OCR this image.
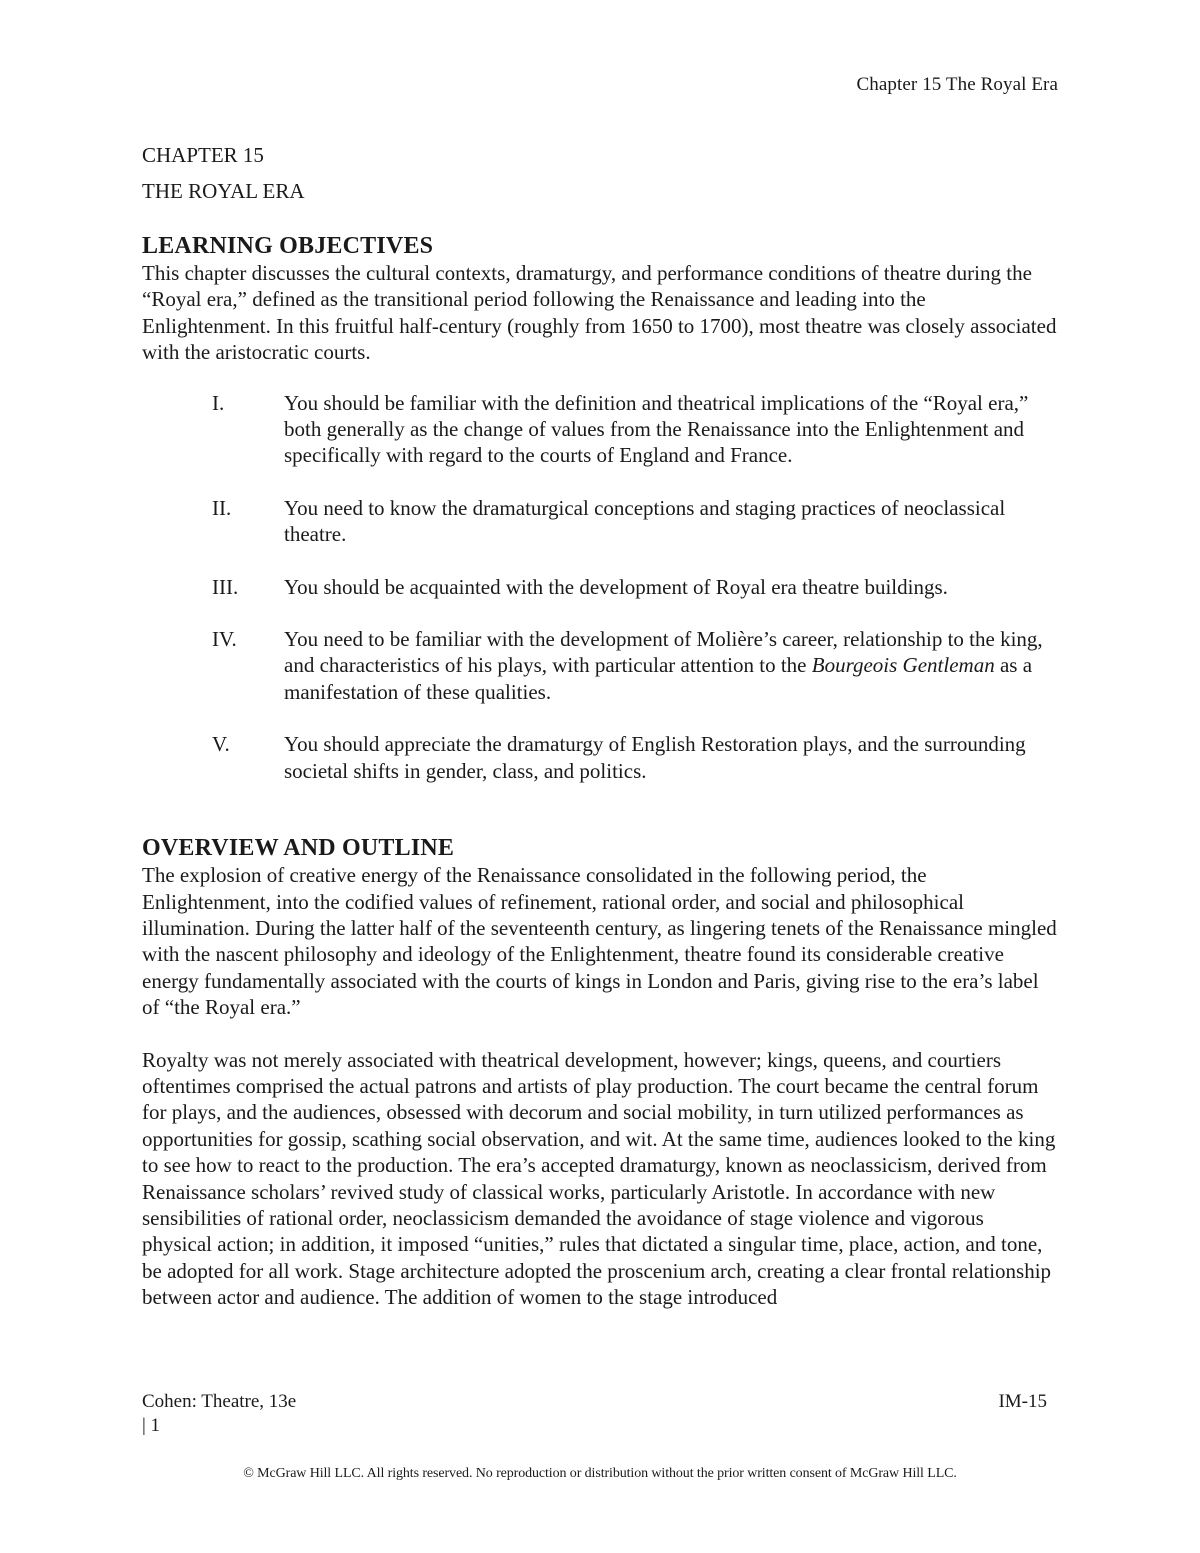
Chapter 15 The Royal Era

CHAPTER 15

THE ROYAL ERA

LEARNING OBJECTIVES

This chapter discusses the cultural contexts, dramaturgy, and performance conditions of theatre during the “Royal era,” defined as the transitional period following the Renaissance and leading into the Enlightenment. In this fruitful half-century (roughly from 1650 to 1700), most theatre was closely associated with the aristocratic courts.

I.	You should be familiar with the definition and theatrical implications of the “Royal era,” both generally as the change of values from the Renaissance into the Enlightenment and specifically with regard to the courts of England and France.
II.	You need to know the dramaturgical conceptions and staging practices of neoclassical theatre.
III.	You should be acquainted with the development of Royal era theatre buildings.
IV.	You need to be familiar with the development of Molière’s career, relationship to the king, and characteristics of his plays, with particular attention to the Bourgeois Gentleman as a manifestation of these qualities.
V.	You should appreciate the dramaturgy of English Restoration plays, and the surrounding societal shifts in gender, class, and politics.
OVERVIEW AND OUTLINE

The explosion of creative energy of the Renaissance consolidated in the following period, the Enlightenment, into the codified values of refinement, rational order, and social and philosophical illumination. During the latter half of the seventeenth century, as lingering tenets of the Renaissance mingled with the nascent philosophy and ideology of the Enlightenment, theatre found its considerable creative energy fundamentally associated with the courts of kings in London and Paris, giving rise to the era’s label of “the Royal era.”

Royalty was not merely associated with theatrical development, however; kings, queens, and courtiers oftentimes comprised the actual patrons and artists of play production. The court became the central forum for plays, and the audiences, obsessed with decorum and social mobility, in turn utilized performances as opportunities for gossip, scathing social observation, and wit. At the same time, audiences looked to the king to see how to react to the production. The era’s accepted dramaturgy, known as neoclassicism, derived from Renaissance scholars’ revived study of classical works, particularly Aristotle. In accordance with new sensibilities of rational order, neoclassicism demanded the avoidance of stage violence and vigorous physical action; in addition, it imposed “unities,” rules that dictated a singular time, place, action, and tone, be adopted for all work. Stage architecture adopted the proscenium arch, creating a clear frontal relationship between actor and audience. The addition of women to the stage introduced

Cohen: Theatre, 13e
| 1
IM-15
© McGraw Hill LLC. All rights reserved. No reproduction or distribution without the prior written consent of McGraw Hill LLC.
